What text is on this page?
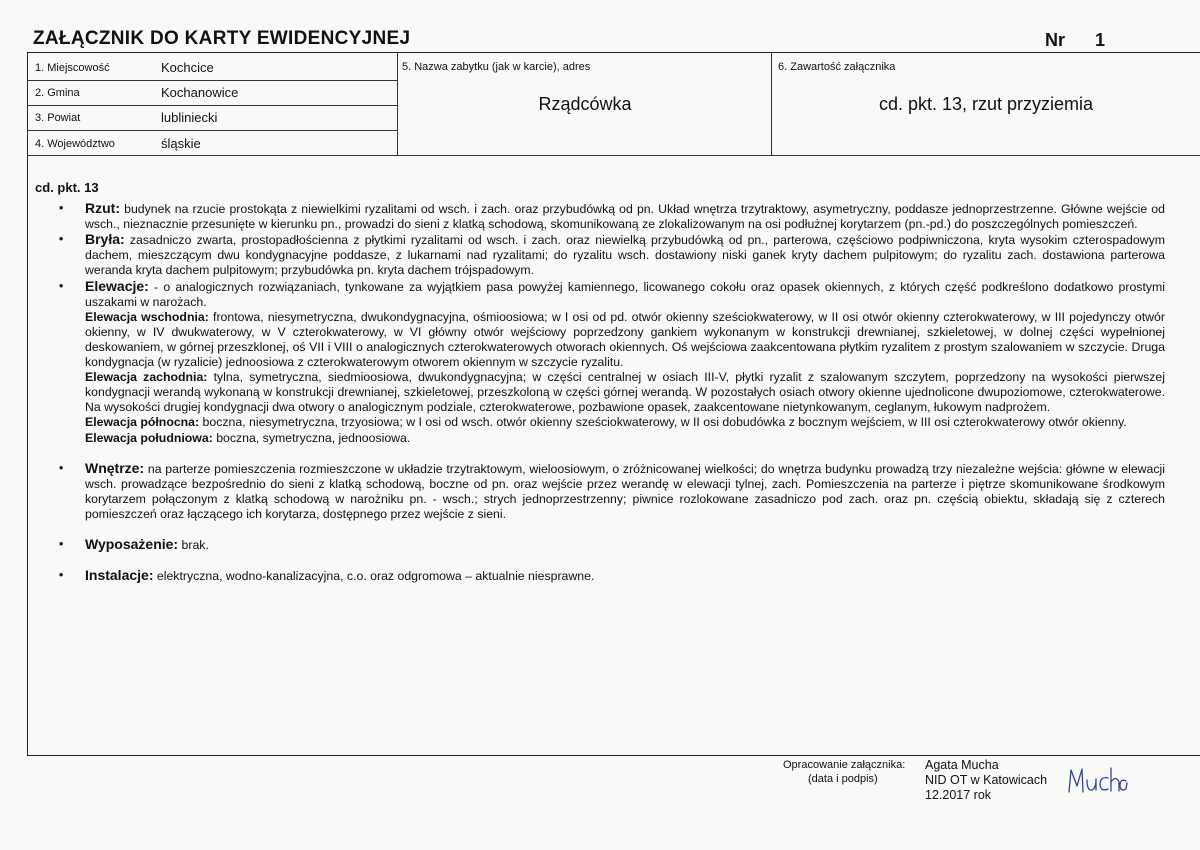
ZAŁĄCZNIK DO KARTY EWIDENCYJNEJ	Nr 1
1. Miejscowość	Kochcice
2. Gmina	Kochanowice
3. Powiat	lubliniecki
4. Województwo	śląskie
5. Nazwa zabytku (jak w karcie), adres
Rządcówka
6. Zawartość załącznika
cd. pkt. 13, rzut przyziemia
cd. pkt. 13
• Rzut: budynek na rzucie prostokąta z niewielkimi ryzalitami od wsch. i zach. oraz przybudówką od pn. Układ wnętrza trzytraktowy, asymetryczny, poddasze jednoprzestrzenne. Główne wejście od wsch., nieznacznie przesunięte w kierunku pn., prowadzi do sieni z klatką schodową, skomunikowaną ze zlokalizowanym na osi podłużnej korytarzem (pn.-pd.) do poszczególnych pomieszczeń.
• Bryła: zasadniczo zwarta, prostopadłościenna z płytkimi ryzalitami od wsch. i zach. oraz niewielką przybudówką od pn., parterowa, częściowo podpiwniczona, kryta wysokim czterospadowym dachem, mieszczącym dwu kondygnacyjne poddasze, z lukarnami nad ryzalitami; do ryzalitu wsch. dostawiony niski ganek kryty dachem pulpitowym; do ryzalitu zach. dostawiona parterowa weranda kryta dachem pulpitowym; przybudówka pn. kryta dachem trójspadowym.
• Elewacje: - o analogicznych rozwiązaniach, tynkowane za wyjątkiem pasa powyżej kamiennego, licowanego cokołu oraz opasek okiennych, z których część podkreślono dodatkowo prostymi uszakami w narożach.
Elewacja wschodnia: frontowa, niesymetryczna, dwukondygnacyjna, ośmioosiowa; w I osi od pd. otwór okienny sześciokwaterowy, w II osi otwór okienny czterokwaterowy, w III pojedynczy otwór okienny, w IV dwukwaterowy, w V czterokwaterowy, w VI główny otwór wejściowy poprzedzony gankiem wykonanym w konstrukcji drewnianej, szkieletowej, w dolnej części wypełnionej deskowaniem, w górnej przeszklonej, oś VII i VIII o analogicznych czterokwaterowych otworach okiennych. Oś wejściowa zaakcentowana płytkim ryzalitem z prostym szalowaniem w szczycie. Druga kondygnacja (w ryzalicie) jednoosiowa z czterokwaterowym otworem okiennym w szczycie ryzalitu.
Elewacja zachodnia: tylna, symetryczna, siedmioosiowa, dwukondygnacyjna; w części centralnej w osiach III-V, płytki ryzalit z szalowanym szczytem, poprzedzony na wysokości pierwszej kondygnacji werandą wykonaną w konstrukcji drewnianej, szkieletowej, przeszkoloną w części górnej werandą. W pozostałych osiach otwory okienne ujednolicone dwupoziomowe, czterokwaterowe. Na wysokości drugiej kondygnacji dwa otwory o analogicznym podziale, czterokwaterowe, pozbawione opasek, zaakcentowane nietynkowanym, ceglanym, łukowym nadprożem.
Elewacja północna: boczna, niesymetryczna, trzyosiowa; w I osi od wsch. otwór okienny sześciokwaterowy, w II osi dobudówka z bocznym wejściem, w III osi czterokwaterowy otwór okienny.
Elewacja południowa: boczna, symetryczna, jednoosiowa.
• Wnętrze: na parterze pomieszczenia rozmieszczone w układzie trzytraktowym, wieloosiowym, o zróżnicowanej wielkości; do wnętrza budynku prowadzą trzy niezależne wejścia: główne w elewacji wsch. prowadzące bezpośrednio do sieni z klatką schodową, boczne od pn. oraz wejście przez werandę w elewacji tylnej, zach. Pomieszczenia na parterze i piętrze skomunikowane środkowym korytarzem połączonym z klatką schodową w narożniku pn. - wsch.; strych jednoprzestrzenny; piwnice rozlokowane zasadniczo pod zach. oraz pn. częścią obiektu, składają się z czterech pomieszczeń oraz łączącego ich korytarza, dostępnego przez wejście z sieni.
• Wyposażenie: brak.
• Instalacje: elektryczna, wodno-kanalizacyjna, c.o. oraz odgromowa – aktualnie niesprawne.
Opracowanie załącznika:
(data i podpis)
Agata Mucha
NID OT w Katowicach
12.2017 rok
